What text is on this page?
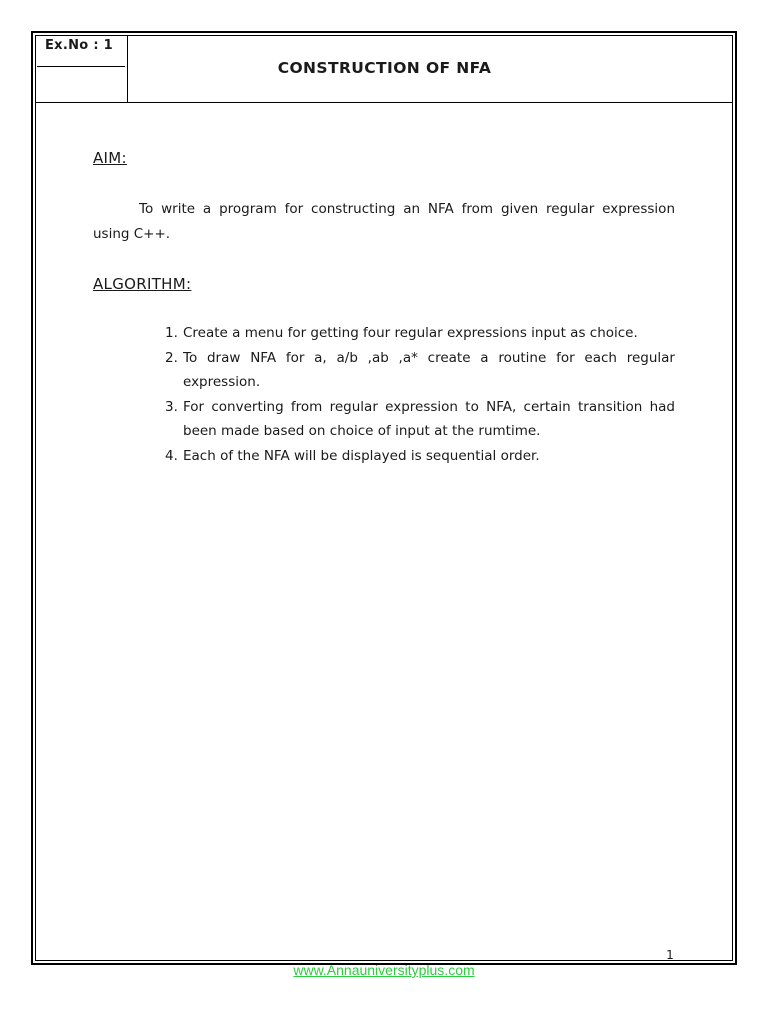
Ex.No : 1
CONSTRUCTION OF NFA
AIM:
To write a program for constructing an NFA from given regular expression using C++.
ALGORITHM:
1. Create a menu for getting four regular expressions input as choice.
2. To draw NFA for a, a/b ,ab ,a* create a routine for each regular expression.
3. For converting from regular expression to NFA, certain transition had been made based on choice of input at the rumtime.
4. Each of the NFA will be displayed is sequential order.
1
www.Annauniversityplus.com
